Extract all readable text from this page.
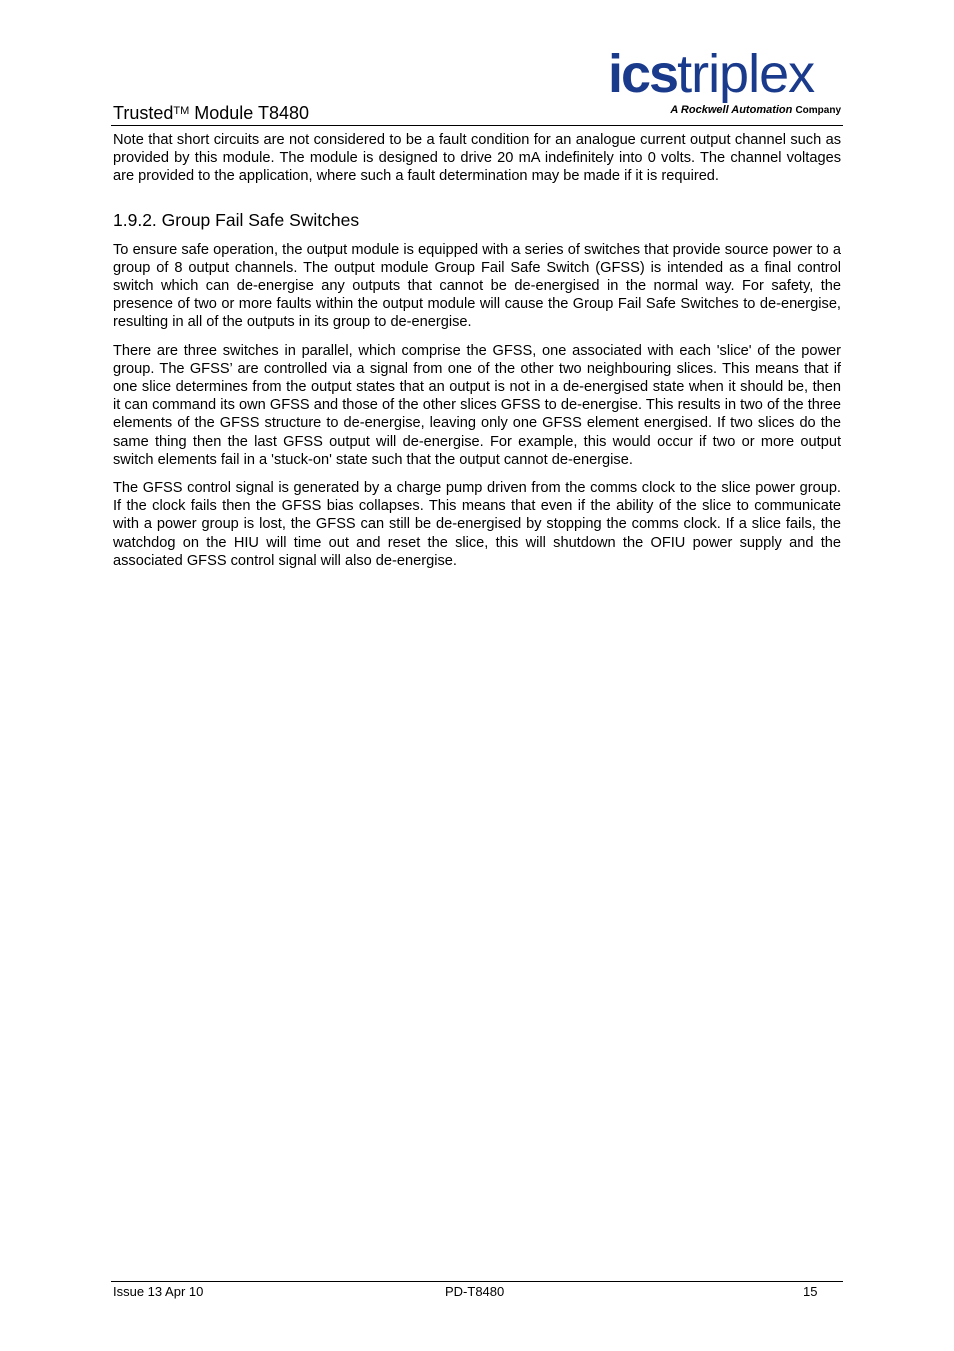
Trusted™ Module T8480
icstriplex
A Rockwell Automation Company

Note that short circuits are not considered to be a fault condition for an analogue current output channel such as provided by this module. The module is designed to drive 20 mA indefinitely into 0 volts. The channel voltages are provided to the application, where such a fault determination may be made if it is required.

1.9.2. Group Fail Safe Switches

To ensure safe operation, the output module is equipped with a series of switches that provide source power to a group of 8 output channels. The output module Group Fail Safe Switch (GFSS) is intended as a final control switch which can de-energise any outputs that cannot be de-energised in the normal way. For safety, the presence of two or more faults within the output module will cause the Group Fail Safe Switches to de-energise, resulting in all of the outputs in its group to de-energise.

There are three switches in parallel, which comprise the GFSS, one associated with each 'slice' of the power group. The GFSS’ are controlled via a signal from one of the other two neighbouring slices. This means that if one slice determines from the output states that an output is not in a de-energised state when it should be, then it can command its own GFSS and those of the other slices GFSS to de-energise. This results in two of the three elements of the GFSS structure to de-energise, leaving only one GFSS element energised. If two slices do the same thing then the last GFSS output will de-energise. For example, this would occur if two or more output switch elements fail in a 'stuck-on' state such that the output cannot de-energise.

The GFSS control signal is generated by a charge pump driven from the comms clock to the slice power group. If the clock fails then the GFSS bias collapses. This means that even if the ability of the slice to communicate with a power group is lost, the GFSS can still be de-energised by stopping the comms clock. If a slice fails, the watchdog on the HIU will time out and reset the slice, this will shutdown the OFIU power supply and the associated GFSS control signal will also de-energise.

Issue 13 Apr 10	PD-T8480	15
